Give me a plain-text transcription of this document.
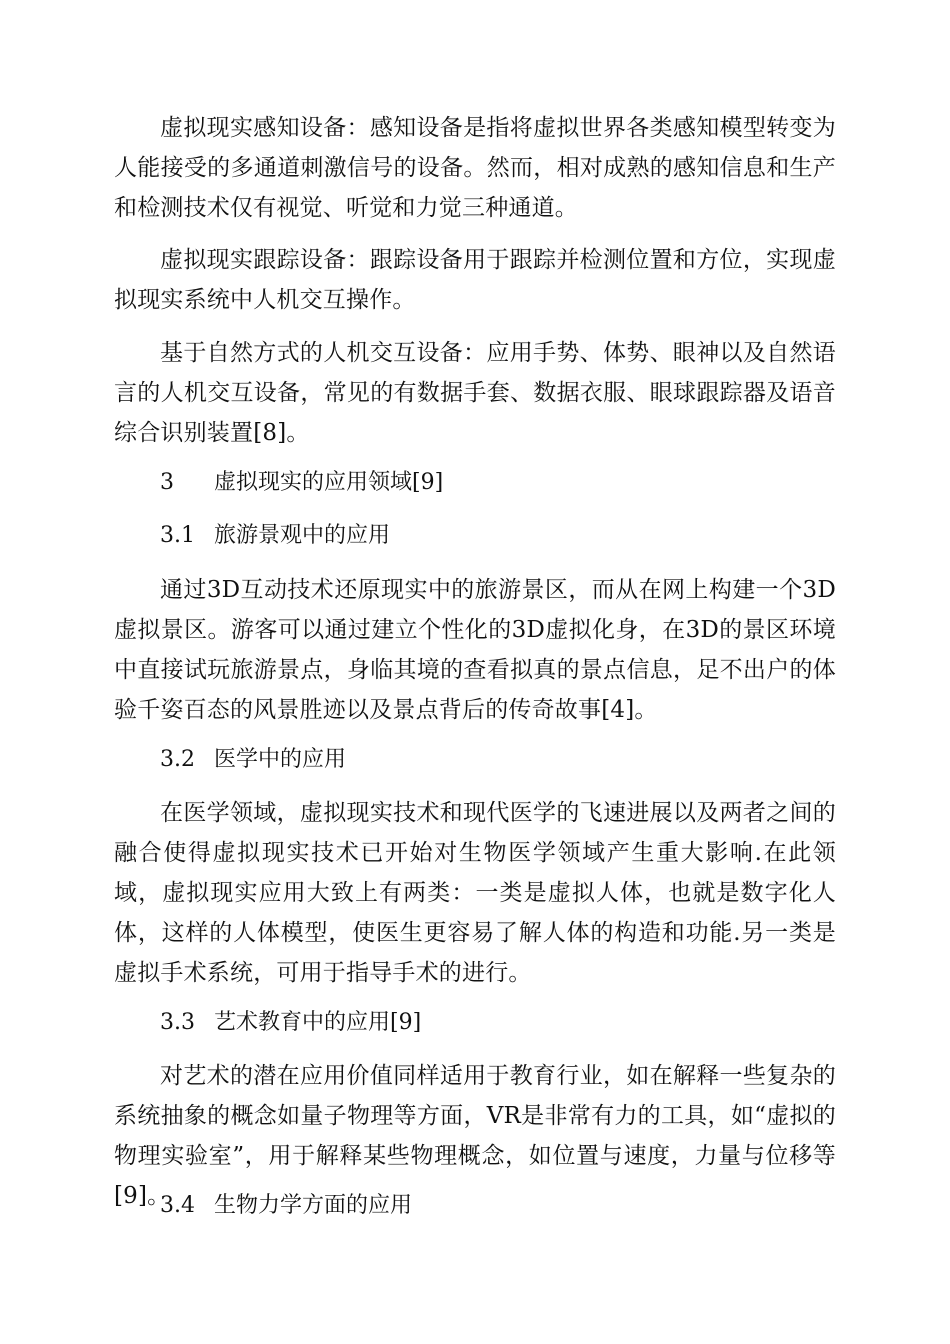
虚拟现实感知设备：感知设备是指将虚拟世界各类感知模型转变为人能接受的多通道刺激信号的设备。然而，相对成熟的感知信息和生产和检测技术仅有视觉、听觉和力觉三种通道。

虚拟现实跟踪设备：跟踪设备用于跟踪并检测位置和方位，实现虚拟现实系统中人机交互操作。

基于自然方式的人机交互设备：应用手势、体势、眼神以及自然语言的人机交互设备，常见的有数据手套、数据衣服、眼球跟踪器及语音综合识别装置[8]。

3 虚拟现实的应用领域[9]
3.1 旅游景观中的应用

通过3D互动技术还原现实中的旅游景区，而从在网上构建一个3D虚拟景区。游客可以通过建立个性化的3D虚拟化身，在3D的景区环境中直接试玩旅游景点，身临其境的查看拟真的景点信息，足不出户的体验千姿百态的风景胜迹以及景点背后的传奇故事[4]。

3.2 医学中的应用

在医学领域，虚拟现实技术和现代医学的飞速进展以及两者之间的融合使得虚拟现实技术已开始对生物医学领域产生重大影响.在此领域，虚拟现实应用大致上有两类：一类是虚拟人体，也就是数字化人体，这样的人体模型，使医生更容易了解人体的构造和功能.另一类是虚拟手术系统，可用于指导手术的进行。

3.3 艺术教育中的应用[9]

对艺术的潜在应用价值同样适用于教育行业，如在解释一些复杂的系统抽象的概念如量子物理等方面，VR是非常有力的工具，如“虚拟的物理实验室”，用于解释某些物理概念，如位置与速度，力量与位移等[9]。

3.4 生物力学方面的应用
